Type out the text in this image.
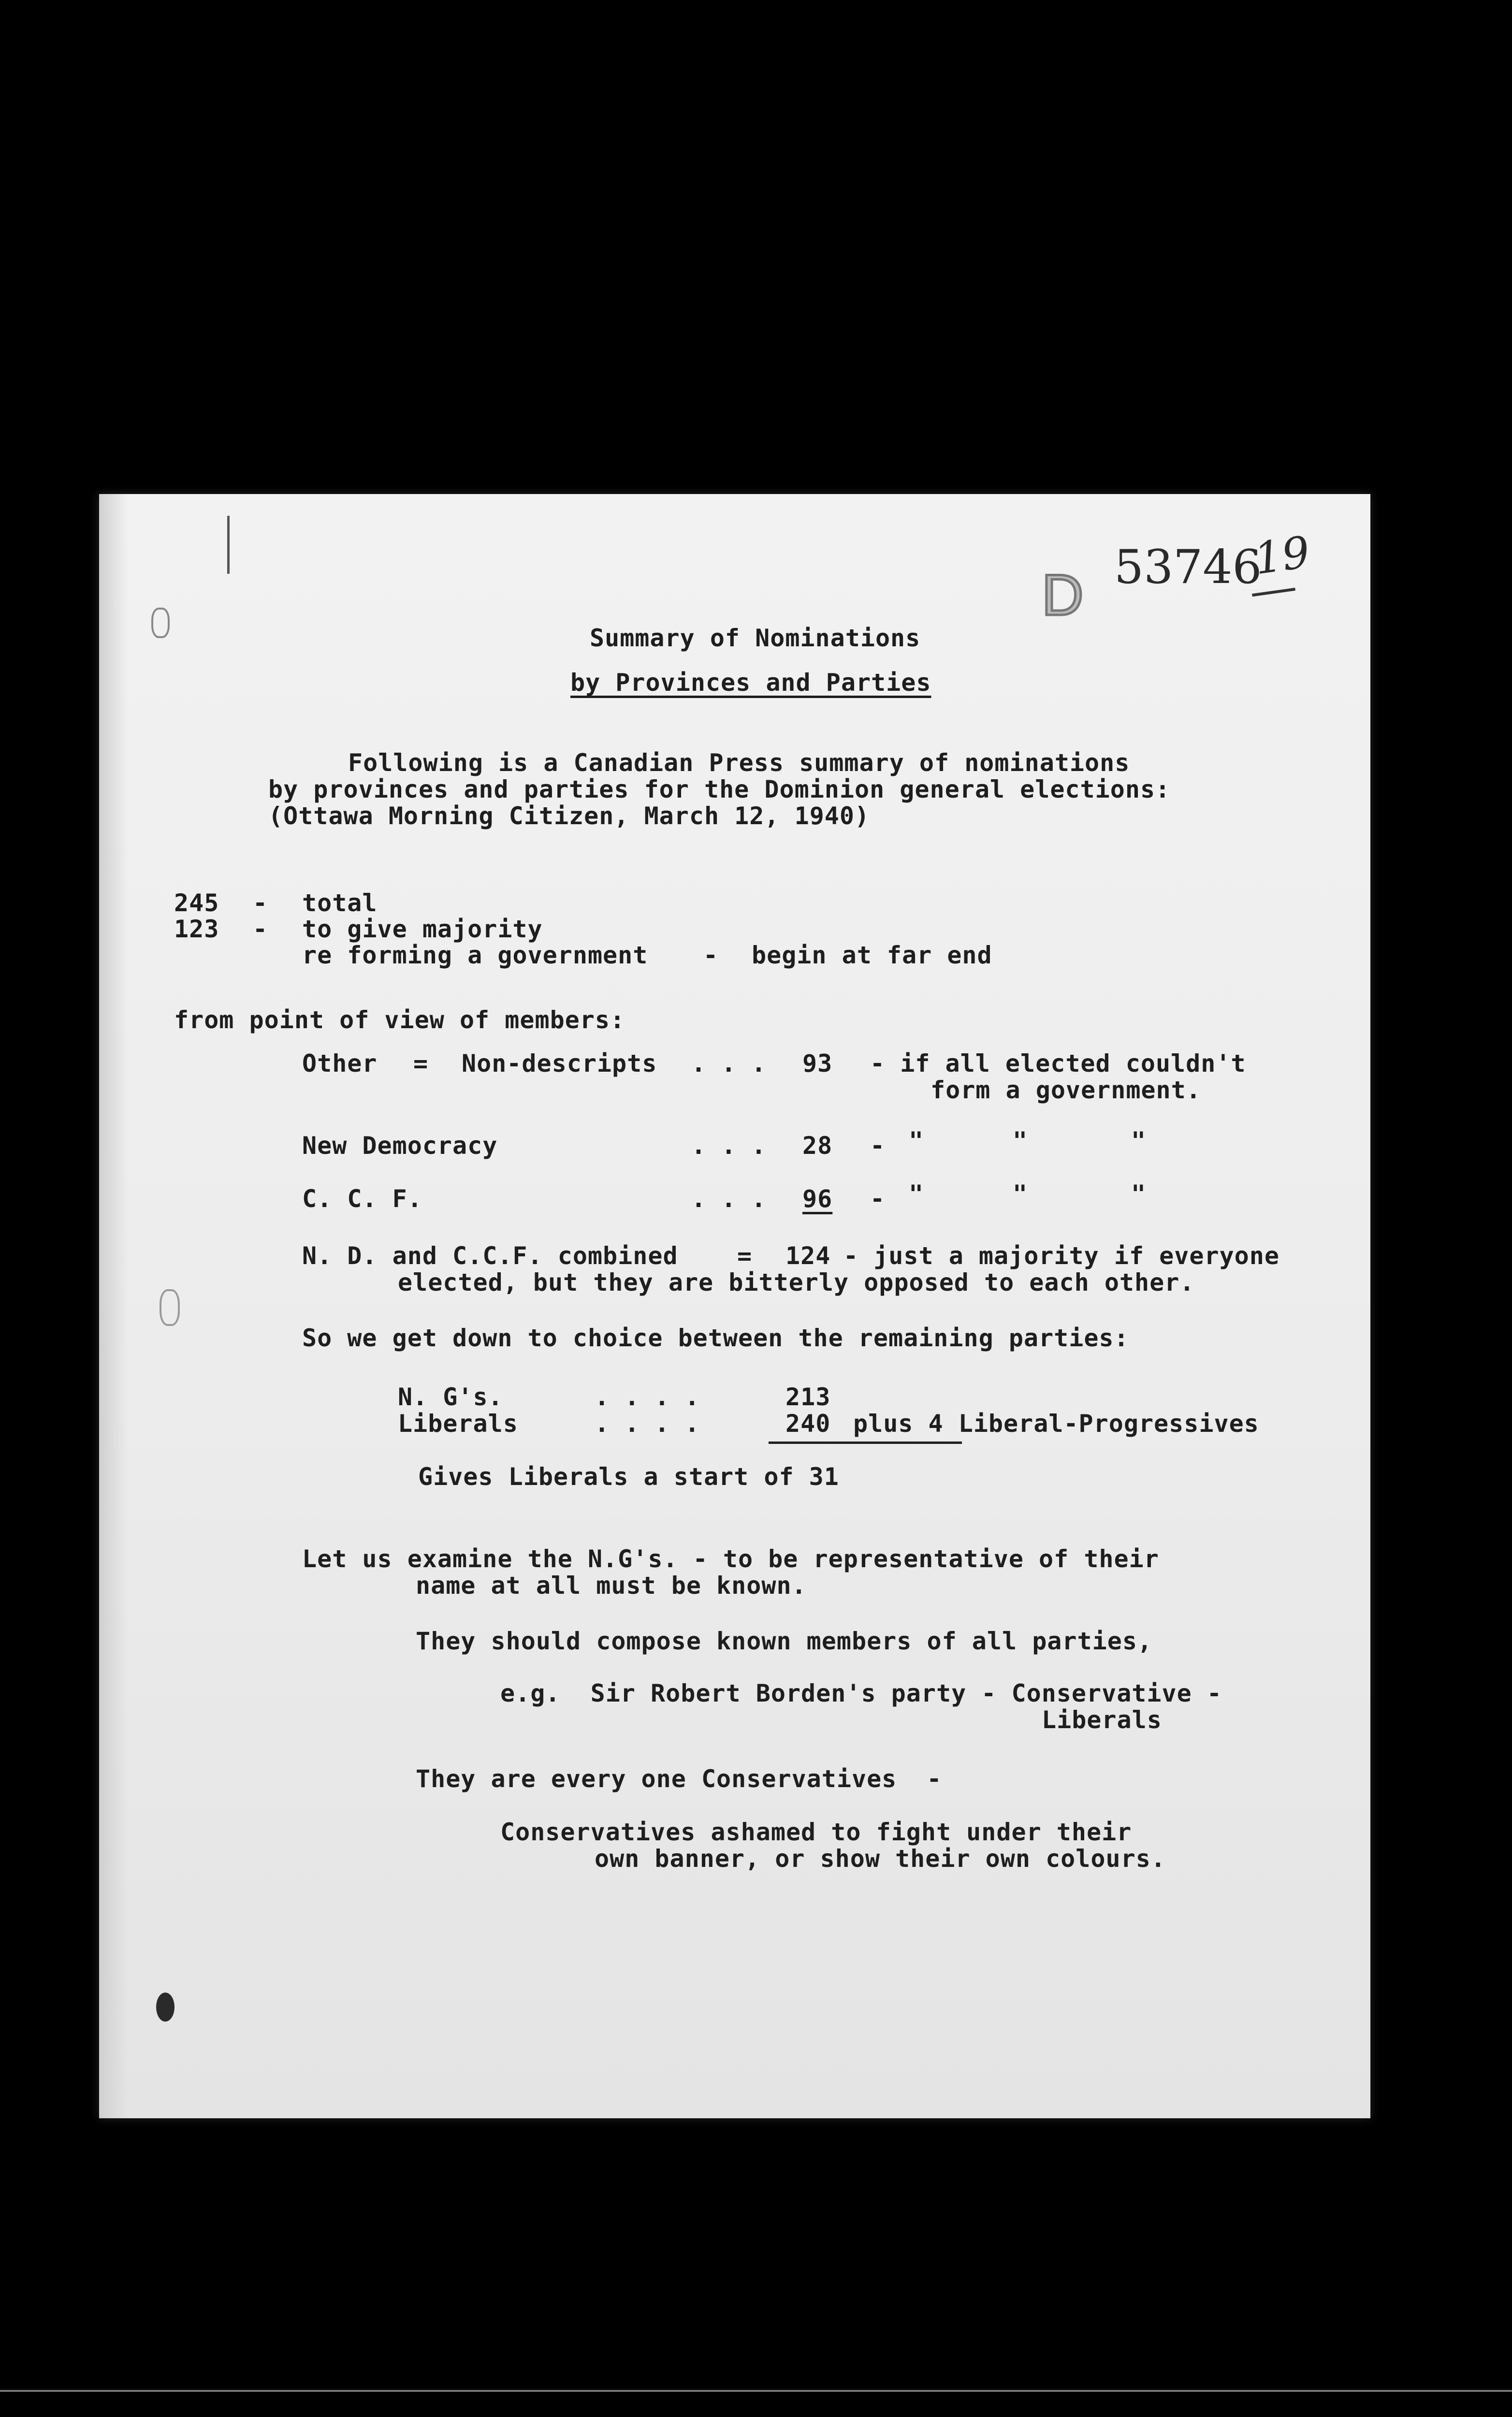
D 53746
19
Summary of Nominations
by Provinces and Parties
Following is a Canadian Press summary of nominations
by provinces and parties for the Dominion general elections:
(Ottawa Morning Citizen, March 12, 1940)
245 - total
123 - to give majority
re forming a government - begin at far end
from point of view of members:
Other = Non-descripts . . . 93 - if all elected couldn't
form a government.
New Democracy	. . . 28 - "	"	"
C. C. F.	. . .	96 - "	"	"
N. D. and C.C.F. combined = 124 - just a majority if everyone
elected, but they are bitterly opposed to each other.
So we get down to choice between the remaining parties:
N. G's.	. . . .	213
Liberals	. . . .	240 plus 4 Liberal-Progressives
Gives Liberals a start of 31
Let us examine the N.G's. - to be representative of their
name at all must be known.
They should compose known members of all parties,
e.g.  Sir Robert Borden's party - Conservative -
Liberals
They are every one Conservatives  -
Conservatives ashamed to fight under their
own banner, or show their own colours.
